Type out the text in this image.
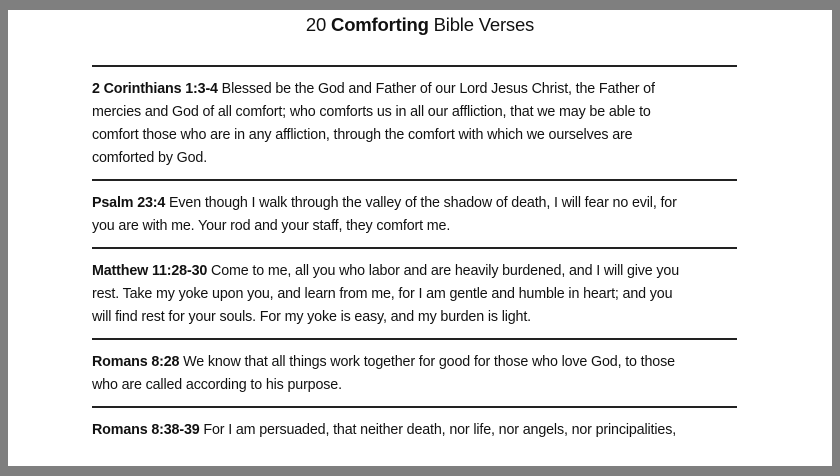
20 Comforting Bible Verses
2 Corinthians 1:3-4 Blessed be the God and Father of our Lord Jesus Christ, the Father of
mercies and God of all comfort; who comforts us in all our affliction, that we may be able to
comfort those who are in any affliction, through the comfort with which we ourselves are
comforted by God.
Psalm 23:4 Even though I walk through the valley of the shadow of death, I will fear no evil, for
you are with me. Your rod and your staff, they comfort me.
Matthew 11:28-30 Come to me, all you who labor and are heavily burdened, and I will give you
rest. Take my yoke upon you, and learn from me, for I am gentle and humble in heart; and you
will find rest for your souls. For my yoke is easy, and my burden is light.
Romans 8:28 We know that all things work together for good for those who love God, to those
who are called according to his purpose.
Romans 8:38-39 For I am persuaded, that neither death, nor life, nor angels, nor principalities,
